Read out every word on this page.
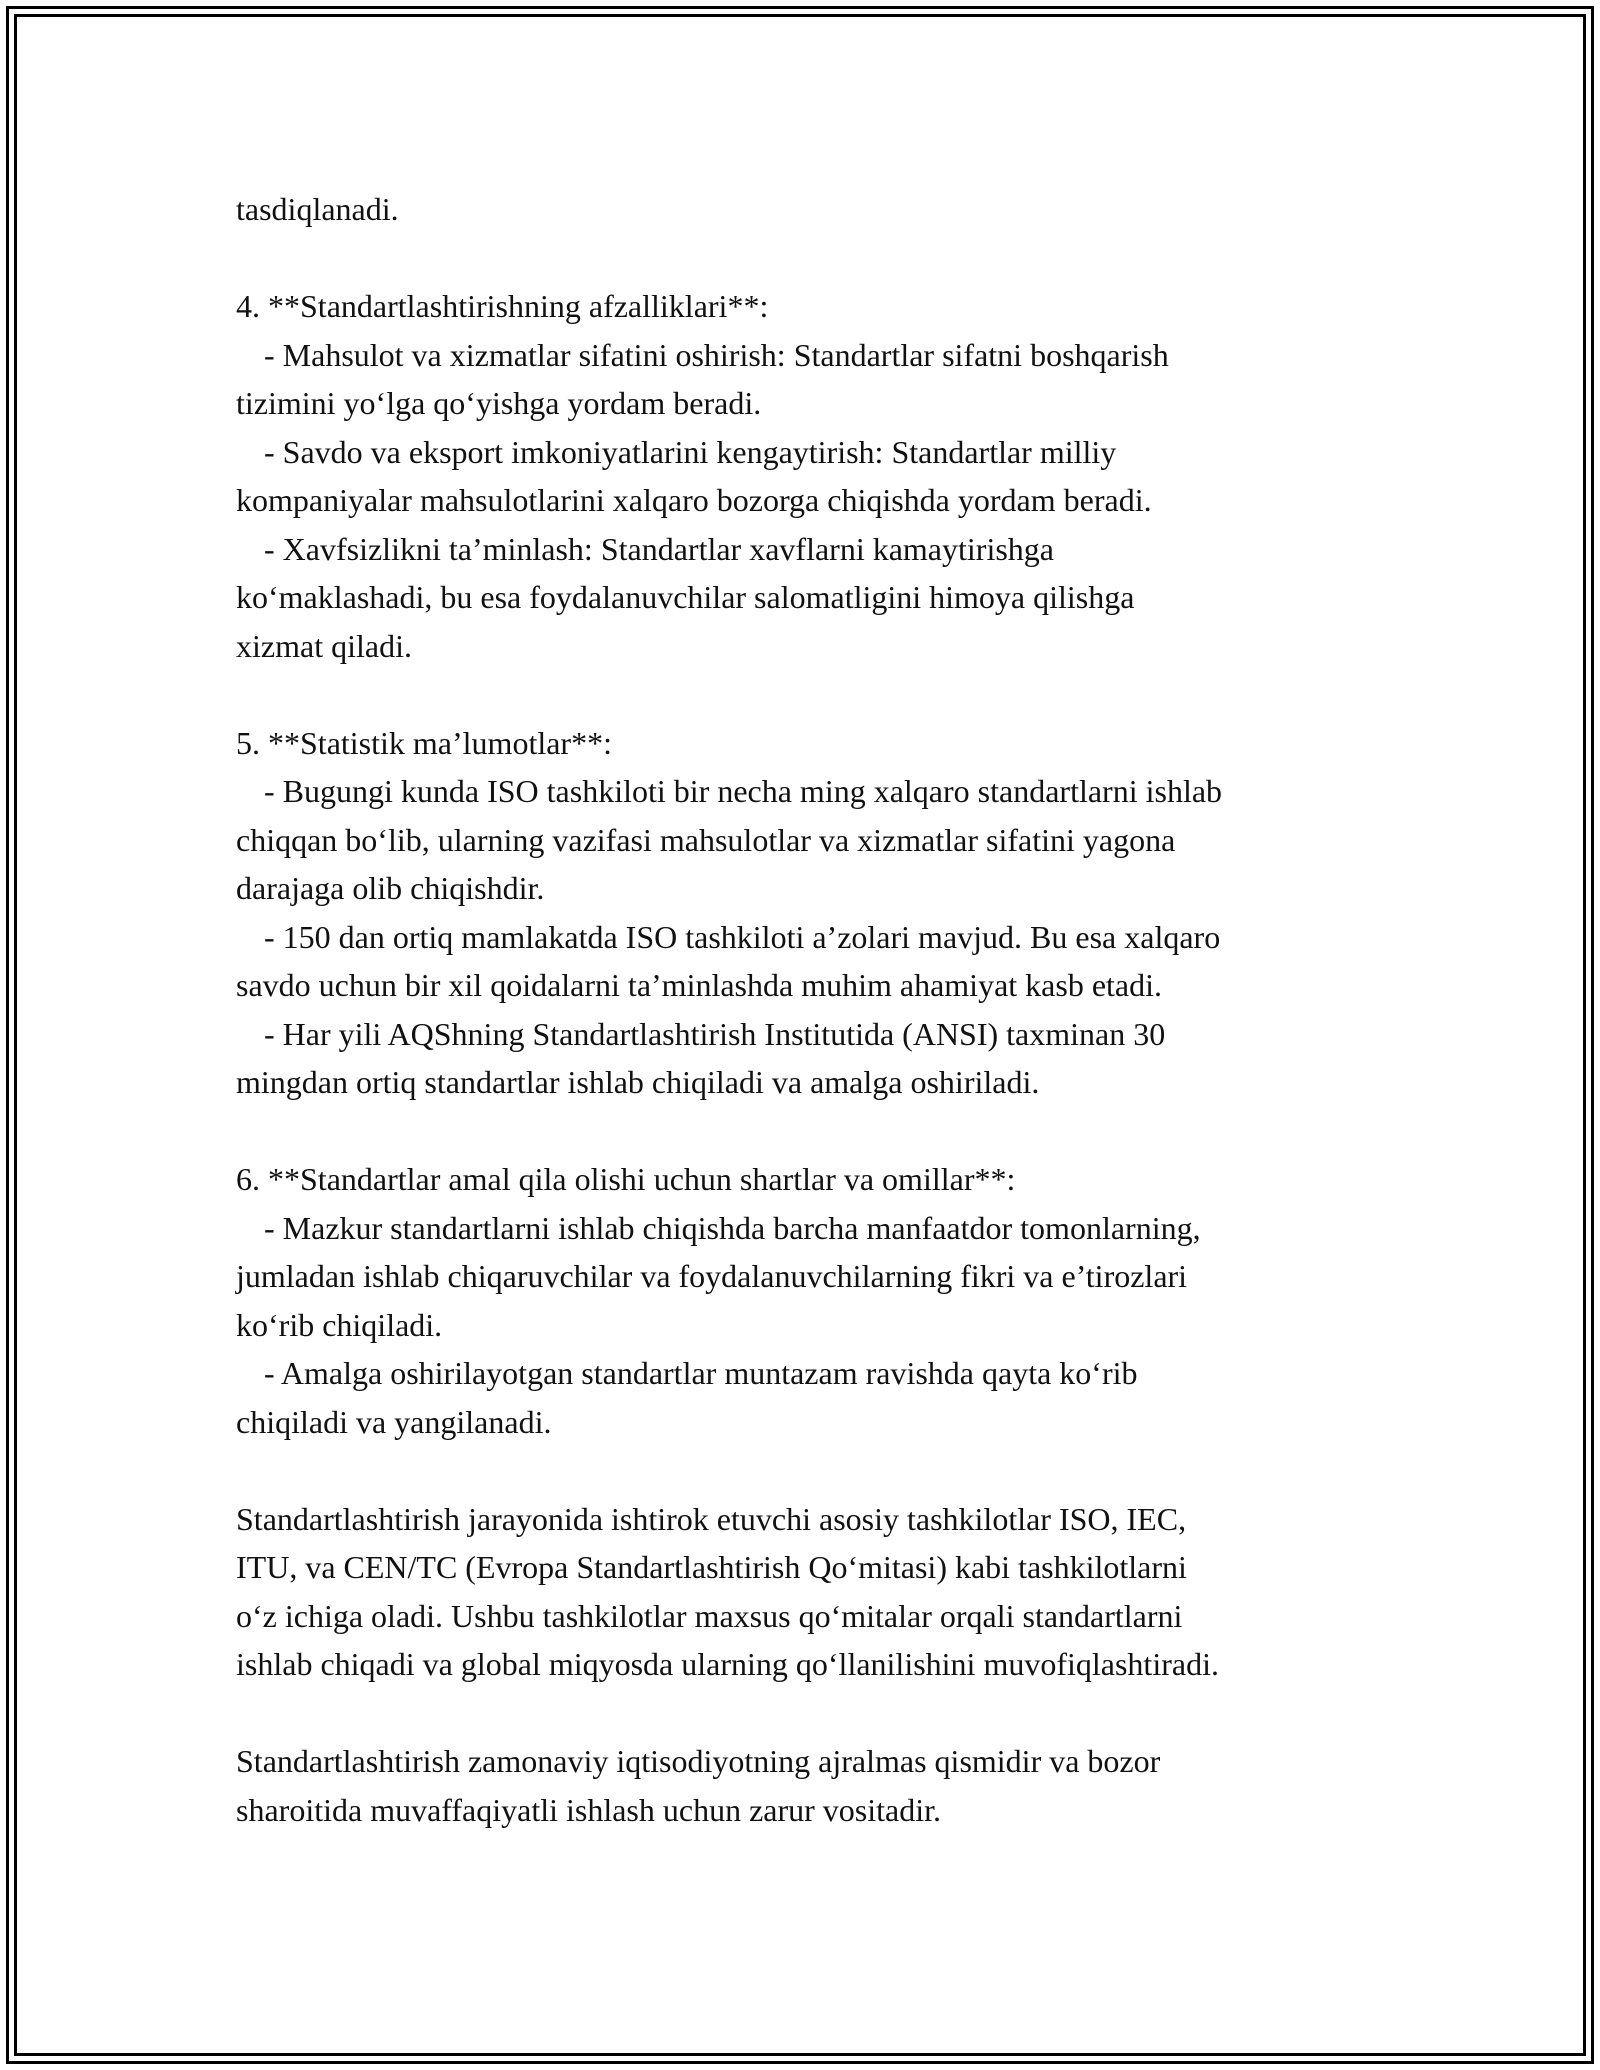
tasdiqlanadi.
4. **Standartlashtirishning afzalliklari**:
- Mahsulot va xizmatlar sifatini oshirish: Standartlar sifatni boshqarish
tizimini yo‘lga qo‘yishga yordam beradi.
- Savdo va eksport imkoniyatlarini kengaytirish: Standartlar milliy
kompaniyalar mahsulotlarini xalqaro bozorga chiqishda yordam beradi.
- Xavfsizlikni ta’minlash: Standartlar xavflarni kamaytirishga
ko‘maklashadi, bu esa foydalanuvchilar salomatligini himoya qilishga
xizmat qiladi.
5. **Statistik ma’lumotlar**:
- Bugungi kunda ISO tashkiloti bir necha ming xalqaro standartlarni ishlab
chiqqan bo‘lib, ularning vazifasi mahsulotlar va xizmatlar sifatini yagona
darajaga olib chiqishdir.
- 150 dan ortiq mamlakatda ISO tashkiloti a’zolari mavjud. Bu esa xalqaro
savdo uchun bir xil qoidalarni ta’minlashda muhim ahamiyat kasb etadi.
- Har yili AQShning Standartlashtirish Institutida (ANSI) taxminan 30
mingdan ortiq standartlar ishlab chiqiladi va amalga oshiriladi.
6. **Standartlar amal qila olishi uchun shartlar va omillar**:
- Mazkur standartlarni ishlab chiqishda barcha manfaatdor tomonlarning,
jumladan ishlab chiqaruvchilar va foydalanuvchilarning fikri va e’tirozlari
ko‘rib chiqiladi.
- Amalga oshirilayotgan standartlar muntazam ravishda qayta ko‘rib
chiqiladi va yangilanadi.
Standartlashtirish jarayonida ishtirok etuvchi asosiy tashkilotlar ISO, IEC,
ITU, va CEN/TC (Evropa Standartlashtirish Qo‘mitasi) kabi tashkilotlarni
o‘z ichiga oladi. Ushbu tashkilotlar maxsus qo‘mitalar orqali standartlarni
ishlab chiqadi va global miqyosda ularning qo‘llanilishini muvofiqlashtiradi.
Standartlashtirish zamonaviy iqtisodiyotning ajralmas qismidir va bozor
sharoitida muvaffaqiyatli ishlash uchun zarur vositadir.
